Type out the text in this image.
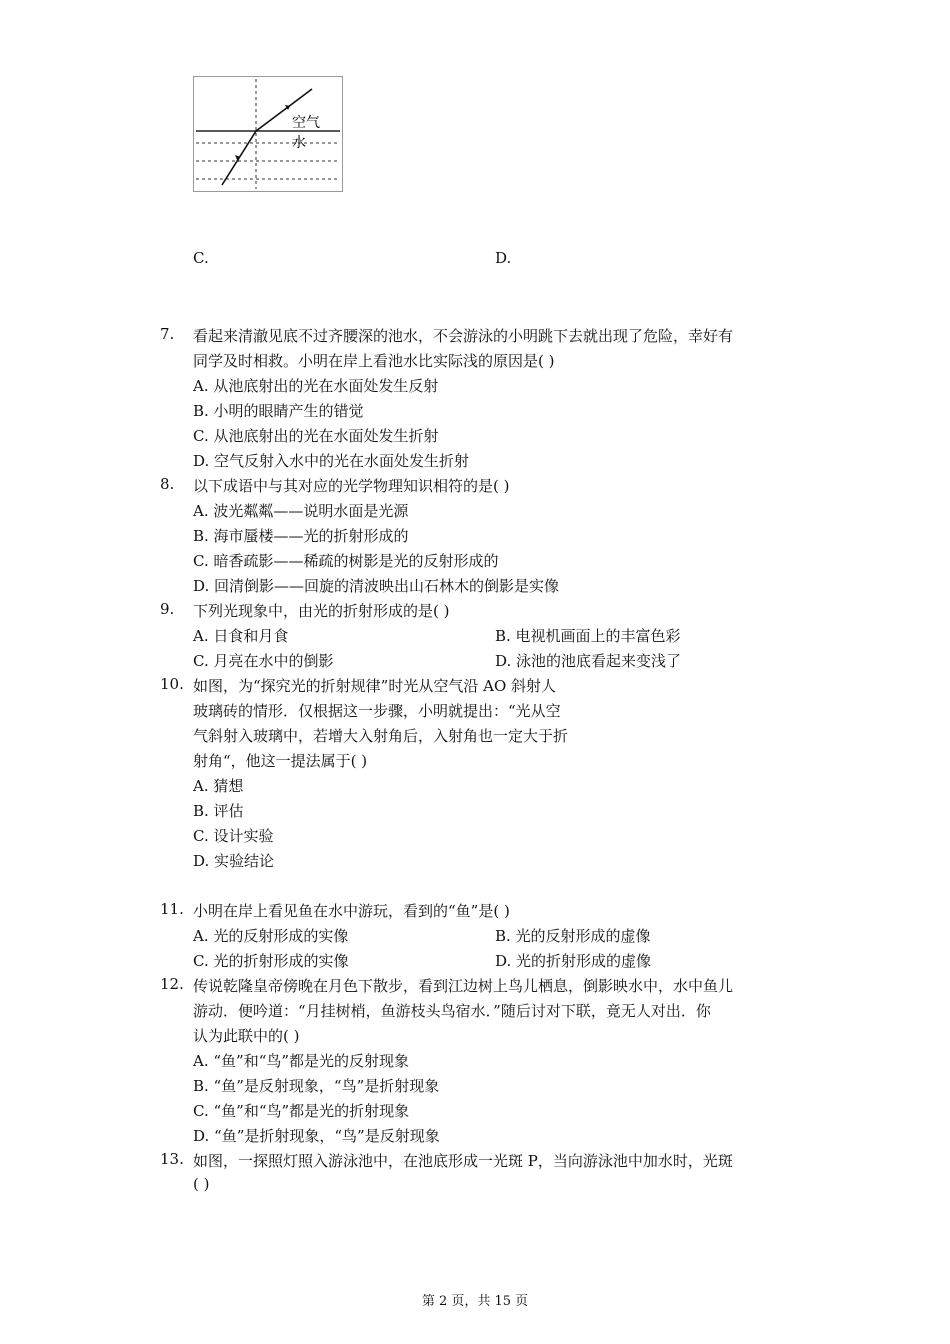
空气
水
C.	D.
7.	看起来清澈见底不过齐腰深的池水，不会游泳的小明跳下去就出现了危险，幸好有
同学及时相救。小明在岸上看池水比实际浅的原因是( )
A. 从池底射出的光在水面处发生反射
B. 小明的眼睛产生的错觉
C. 从池底射出的光在水面处发生折射
D. 空气反射入水中的光在水面处发生折射
8.	以下成语中与其对应的光学物理知识相符的是( )
A. 波光粼粼——说明水面是光源
B. 海市蜃楼——光的折射形成的
C. 暗香疏影——稀疏的树影是光的反射形成的
D. 回清倒影——回旋的清波映出山石林木的倒影是实像
9.	下列光现象中，由光的折射形成的是( )
A. 日食和月食	B. 电视机画面上的丰富色彩
C. 月亮在水中的倒影	D. 泳池的池底看起来变浅了
10. 如图，为“探究光的折射规律”时光从空气沿 AO 斜射人
玻璃砖的情形．仅根据这一步骤，小明就提出：“光从空
气斜射入玻璃中，若增大入射角后，入射角也一定大于折
射角“，他这一提法属于( )
A. 猜想
B. 评估
C. 设计实验
D. 实验结论
11. 小明在岸上看见鱼在水中游玩，看到的“鱼”是( )
A. 光的反射形成的实像	B. 光的反射形成的虚像
C. 光的折射形成的实像	D. 光的折射形成的虚像
12. 传说乾隆皇帝傍晚在月色下散步，看到江边树上鸟儿栖息，倒影映水中，水中鱼儿
游动．便吟道：“月挂树梢，鱼游枝头鸟宿水．”随后讨对下联，竟无人对出．你
认为此联中的( )
A. “鱼”和“鸟”都是光的反射现象
B. “鱼”是反射现象，“鸟”是折射现象
C. “鱼”和“鸟”都是光的折射现象
D. “鱼”是折射现象，“鸟”是反射现象
13. 如图，一探照灯照入游泳池中，在池底形成一光斑 P，当向游泳池中加水时，光斑
( )
第 2 页，共 15 页
